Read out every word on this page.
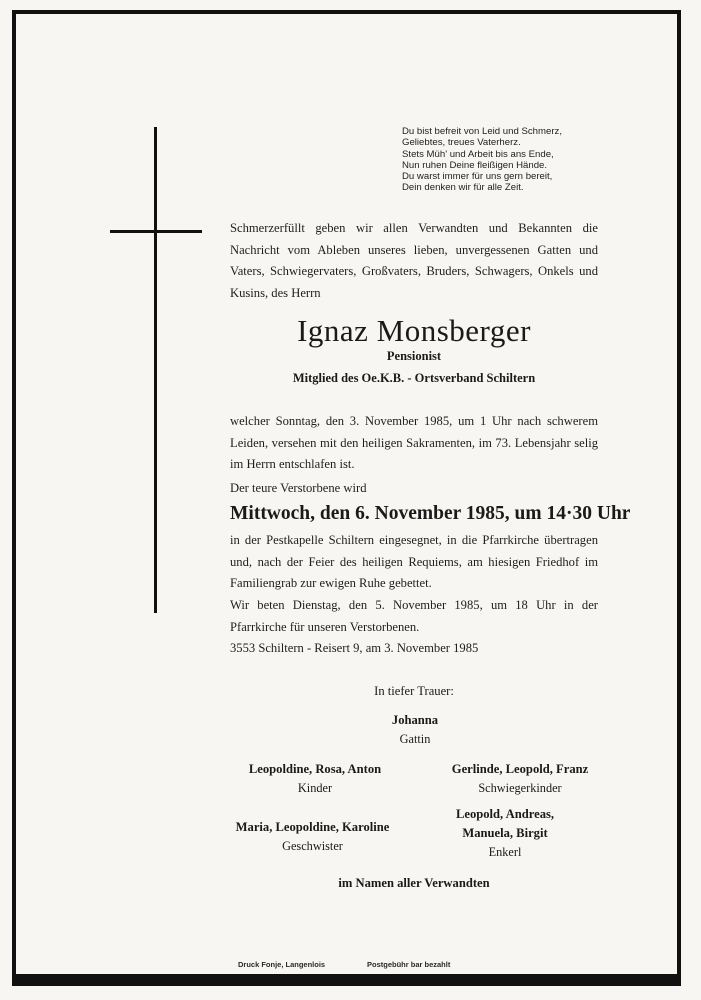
Du bist befreit von Leid und Schmerz,
Geliebtes, treues Vaterherz.
Stets Müh' und Arbeit bis ans Ende,
Nun ruhen Deine fleißigen Hände.
Du warst immer für uns gern bereit,
Dein denken wir für alle Zeit.
Schmerzerfüllt geben wir allen Verwandten und Bekannten die Nachricht vom Ableben unseres lieben, unvergessenen Gatten und Vaters, Schwiegervaters, Großvaters, Bruders, Schwagers, Onkels und Kusins, des Herrn
Ignaz Monsberger
Pensionist
Mitglied des Oe.K.B. - Ortsverband Schiltern
welcher Sonntag, den 3. November 1985, um 1 Uhr nach schwerem Leiden, versehen mit den heiligen Sakramenten, im 73. Lebensjahr selig im Herrn entschlafen ist.
Der teure Verstorbene wird
Mittwoch, den 6. November 1985, um 14·30 Uhr
in der Pestkapelle Schiltern eingesegnet, in die Pfarrkirche übertragen und, nach der Feier des heiligen Requiems, am hiesigen Friedhof im Familiengrab zur ewigen Ruhe gebettet.
Wir beten Dienstag, den 5. November 1985, um 18 Uhr in der Pfarrkirche für unseren Verstorbenen.
3553 Schiltern - Reisert 9, am 3. November 1985
In tiefer Trauer:
Johanna
Gattin
Leopoldine, Rosa, Anton
Kinder
Gerlinde, Leopold, Franz
Schwiegerkinder
Maria, Leopoldine, Karoline
Geschwister
Leopold, Andreas,
Manuela, Birgit
Enkerl
im Namen aller Verwandten
Druck Fonje, Langenlois	Postgebühr bar bezahlt
